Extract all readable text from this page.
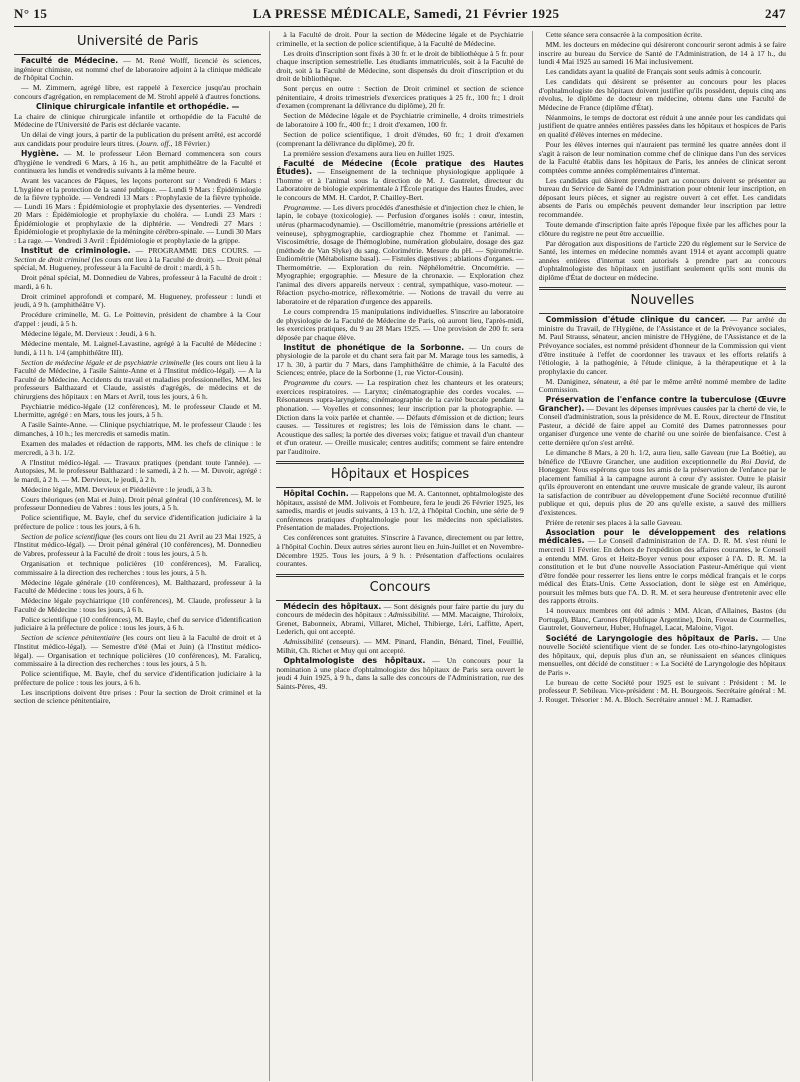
N° 15	LA PRESSE MÉDICALE, Samedi, 21 Février 1925	247
Université de Paris

Faculté de Médecine. — M. René Wolff, licencié ès sciences, ingénieur chimiste, est nommé chef de laboratoire adjoint à la clinique médicale de l'hôpital Cochin.

— M. Zimmern, agrégé libre, est rappelé à l'exercice jusqu'au prochain concours d'agrégation, en remplacement de M. Strohl appelé à d'autres fonctions.

Clinique chirurgicale infantile et orthopédie. —
La chaire de clinique chirurgicale infantile et orthopédie de la Faculté de Médecine de l'Université de Paris est déclarée vacante.

Un délai de vingt jours, à partir de la publication du présent arrêté, est accordé aux candidats pour produire leurs titres. (Journ. off., 18 Février.)

Hygiène. — M. le professeur Léon Bernard commencera son cours d'hygiène le vendredi 6 Mars, à 16 h., au petit amphithéâtre de la Faculté et continuera les lundis et vendredis suivants à la même heure.

Avant les vacances de Pâques, les leçons porteront sur : Vendredi 6 Mars : L'hygiène et la protection de la santé publique. — Lundi 9 Mars : Épidémiologie de la fièvre typhoïde. — Vendredi 13 Mars : Prophylaxie de la fièvre typhoïde. — Lundi 16 Mars : Épidémiologie et prophylaxie des dysenteries. — Vendredi 20 Mars : Épidémiologie et prophylaxie du choléra. — Lundi 23 Mars : Épidémiologie et prophylaxie de la diphtérie. — Vendredi 27 Mars : Épidémiologie et prophylaxie de la méningite cérébro-spinale. — Lundi 30 Mars : La rage. — Vendredi 3 Avril : Épidémiologie et prophylaxie de la grippe.

Institut de criminologie. — PROGRAMME DES COURS. — Section de droit criminel (les cours ont lieu à la Faculté de droit). — Droit pénal spécial, M. Hugueney, professeur à la Faculté de droit : mardi, à 5 h.

Droit pénal spécial, M. Donnedieu de Vabres, professeur à la Faculté de droit : mardi, à 6 h.

Droit criminel approfondi et comparé, M. Hugueney, professeur : lundi et jeudi, à 9 h. (amphithéâtre V).

Procédure criminelle, M. G. Le Poittevin, président de chambre à la Cour d'appel : jeudi, à 5 h.

Médecine légale, M. Dervieux : Jeudi, à 6 h.

Médecine mentale, M. Laignel-Lavastine, agrégé à la Faculté de Médecine : lundi, à 11 h. 1/4 (amphithéâtre III).

Section de médecine légale et de psychiatrie criminelle (les cours ont lieu à la Faculté de Médecine, à l'asile Sainte-Anne et à l'Institut médico-légal). — A la Faculté de Médecine. Accidents du travail et maladies professionnelles, MM. les professeurs Balthazard et Claude, assistés d'agrégés, de médecins et de chirurgiens des hôpitaux : en Mars et Avril, tous les jours, à 6 h.

Psychiatrie médico-légale (12 conférences), M. le professeur Claude et M. Lhermitte, agrégé : en Mars, tous les jours, à 5 h.

A l'asile Sainte-Anne. — Clinique psychiatrique, M. le professeur Claude : les dimanches, à 10 h.; les mercredis et samedis matin.

Examen des malades et rédaction de rapports, MM. les chefs de clinique : le mercredi, à 3 h. 1/2.

A l'Institut médico-légal. — Travaux pratiques (pendant toute l'année). — Autopsies, M. le professeur Balthazard : le samedi, à 2 h. — M. Duvoir, agrégé : le mardi, à 2 h. — M. Dervieux, le jeudi, à 2 h.

Médecine légale, MM. Dervieux et Piédelièvre : le jeudi, à 3 h.

Cours théoriques (en Mai et Juin). Droit pénal général (10 conférences), M. le professeur Donnedieu de Vabres : tous les jours, à 5 h.

Police scientifique, M. Bayle, chef du service d'identification judiciaire à la préfecture de police : tous les jours, à 6 h.

Section de police scientifique (les cours ont lieu du 21 Avril au 23 Mai 1925, à l'Institut médico-légal). — Droit pénal général (10 conférences), M. Donnedieu de Vabres, professeur à la Faculté de droit : tous les jours, à 5 h.

Organisation et technique policières (10 conférences), M. Faralicq, commissaire à la direction des recherches : tous les jours, à 5 h.

Médecine légale générale (10 conférences), M. Balthazard, professeur à la Faculté de Médecine : tous les jours, à 6 h.

Médecine légale psychiatrique (10 conférences), M. Claude, professeur à la Faculté de Médecine : tous les jours, à 6 h.

Police scientifique (10 conférences), M. Bayle, chef du service d'identification judiciaire à la préfecture de police : tous les jours, à 6 h.

Section de science pénitentiaire (les cours ont lieu à la Faculté de droit et à l'Institut médico-légal). — Semestre d'été (Mai et Juin) (à l'Institut médico-légal). — Organisation et technique policières (10 conférences), M. Faralicq, commissaire à la direction des recherches : tous les jours, à 5 h.

Police scientifique, M. Bayle, chef du service d'identification judiciaire à la préfecture de police : tous les jours, à 6 h.

Les inscriptions doivent être prises : Pour la section de Droit criminel et la section de science pénitentiaire,

à la Faculté de droit. Pour la section de Médecine légale et de Psychiatrie criminelle, et la section de police scientifique, à la Faculté de Médecine.

Les droits d'inscription sont fixés à 30 fr. et le droit de bibliothèque à 5 fr. pour chaque inscription semestrielle. Les étudiants immatriculés, soit à la Faculté de droit, soit à la Faculté de Médecine, sont dispensés du droit d'inscription et du droit de bibliothèque.

Sont perçus en outre : Section de Droit criminel et section de science pénitentiaire, 4 droits trimestriels d'exercices pratiques à 25 fr., 100 fr.; 1 droit d'examen (comprenant la délivrance du diplôme), 20 fr.

Section de Médecine légale et de Psychiatrie criminelle, 4 droits trimestriels de laboratoire à 100 fr., 400 fr.; 1 droit d'examen, 100 fr.

Section de police scientifique, 1 droit d'études, 60 fr.; 1 droit d'examen (comprenant la délivrance du diplôme), 20 fr.

La première session d'examens aura lieu en Juillet 1925.

Faculté de Médecine (École pratique des Hautes Études). — Enseignement de la technique physiologique appliquée à l'homme et à l'animal sous la direction de M. J. Gautrelet, directeur du Laboratoire de biologie expérimentale à l'École pratique des Hautes Études, avec le concours de MM. H. Cardot, P. Chailley-Bert.

Programme. — Les divers procédés d'anesthésie et d'injection chez le chien, le lapin, le cobaye (toxicologie). — Perfusion d'organes isolés : cœur, intestin, utérus (pharmacodynamie). — Oscillométrie, manométrie (pressions artérielle et veineuse), sphygmographie, cardiographie chez l'homme et l'animal. — Viscosimétrie, dosage de l'hémoglobine, numération globulaire, dosage des gaz (méthode de Van Slyke) du sang. Colorimétrie. Mesure du pH. — Spirométrie. Eudiométrie (Métabolisme basal). — Fistules digestives ; ablations d'organes. — Thermométrie. — Exploration du rein. Néphélométrie. Oncométrie. — Myographie; ergographie. — Mesure de la chronaxie. — Exploration chez l'animal des divers appareils nerveux : central, sympathique, vaso-moteur. — Réaction psycho-motrice, réflexométrie. — Notions de travail du verre au laboratoire et de réparation d'urgence des appareils.

Le cours comprendra 15 manipulations individuelles. S'inscrire au laboratoire de physiologie de la Faculté de Médecine de Paris, où auront lieu, l'après-midi, les exercices pratiques, du 9 au 28 Mars 1925. — Une provision de 200 fr. sera déposée par chaque élève.

Institut de phonétique de la Sorbonne. — Un cours de physiologie de la parole et du chant sera fait par M. Marage tous les samedis, à 17 h. 30, à partir du 7 Mars, dans l'amphithéâtre de chimie, à la Faculté des Sciences; entrée, place de la Sorbonne (1, rue Victor-Cousin).

Programme du cours. — La respiration chez les chanteurs et les orateurs; exercices respiratoires. — Larynx; cinématographie des cordes vocales. — Résonateurs supra-laryngiens; cinématographie de la cavité buccale pendant la phonation. — Voyelles et consonnes; leur inscription par la photographie. — Diction dans la voix parlée et chantée. — Défauts d'émission et de diction; leurs causes. — Tessitures et registres; les lois de l'émission dans le chant. — Acoustique des salles; la portée des diverses voix; fatigue et travail d'un chanteur et d'un orateur. — Oreille musicale; centres auditifs; comment se faire entendre par l'auditoire.

Hôpitaux et Hospices

Hôpital Cochin. — Rappelons que M. A. Cantonnet, ophtalmologiste des hôpitaux, assisté de MM. Jolivois et Fombeure, fera le jeudi 26 Février 1925, les samedis, mardis et jeudis suivants, à 13 h. 1/2, à l'hôpital Cochin, une série de 9 conférences pratiques d'ophtalmologie pour les médecins non spécialistes. Présentation de malades. Projections.

Ces conférences sont gratuites. S'inscrire à l'avance, directement ou par lettre, à l'hôpital Cochin. Deux autres séries auront lieu en Juin-Juillet et en Novembre-Décembre 1925. Tous les jours, à 9 h. : Présentation d'affections oculaires courantes.

Concours

Médecin des hôpitaux. — Sont désignés pour faire partie du jury du concours de médecin des hôpitaux : Admissibilité. — MM. Macaigne, Thiroloix, Grenet, Babonneix, Abrami, Villaret, Michel, Thibierge, Léri, Laffitte, Apert, Lederich, qui ont accepté.

Admissibilité (censeurs). — MM. Pinard, Flandin, Bénard, Tinel, Feuillié, Milhit, Ch. Richet et Muy qui ont accepté.

Ophtalmologiste des hôpitaux. — Un concours pour la nomination à une place d'ophtalmologiste des hôpitaux de Paris sera ouvert le jeudi 4 Juin 1925, à 9 h., dans la salle des concours de l'Administration, rue des Saints-Pères, 49.

Cette séance sera consacrée à la composition écrite.

MM. les docteurs en médecine qui désireront concourir seront admis à se faire inscrire au bureau du Service de Santé de l'Administration, de 14 à 17 h., du lundi 4 Mai 1925 au samedi 16 Mai inclusivement.

Les candidats ayant la qualité de Français sont seuls admis à concourir.

Les candidats qui désirent se présenter au concours pour les places d'ophtalmologiste des hôpitaux doivent justifier qu'ils possèdent, depuis cinq ans révolus, le diplôme de docteur en médecine, obtenu dans une Faculté de Médecine de France (diplôme d'État).

Néanmoins, le temps de doctorat est réduit à une année pour les candidats qui justifient de quatre années entières passées dans les hôpitaux et hospices de Paris en qualité d'élèves internes en médecine.

Pour les élèves internes qui n'auraient pas terminé les quatre années dont il s'agit à raison de leur nomination comme chef de clinique dans l'un des services de la Faculté établis dans les hôpitaux de Paris, les années de clinicat seront comptées comme années complémentaires d'internat.

Les candidats qui désirent prendre part au concours doivent se présenter au bureau du Service de Santé de l'Administration pour obtenir leur inscription, en déposant leurs pièces, et signer au registre ouvert à cet effet. Les candidats absents de Paris ou empêchés peuvent demander leur inscription par lettre recommandée.

Toute demande d'inscription faite après l'époque fixée par les affiches pour la clôture du registre ne peut être accueillie.

Par dérogation aux dispositions de l'article 220 du règlement sur le Service de Santé, les internes en médecine nommés avant 1914 et ayant accompli quatre années entières d'internat sont autorisés à prendre part au concours d'ophtalmologiste des hôpitaux en justifiant seulement qu'ils sont munis du diplôme d'État de docteur en médecine.

Nouvelles

Commission d'étude clinique du cancer. — Par arrêté du ministre du Travail, de l'Hygiène, de l'Assistance et de la Prévoyance sociales, M. Paul Strauss, sénateur, ancien ministre de l'Hygiène, de l'Assistance et de la Prévoyance sociales, est nommé président d'honneur de la Commission qui vient d'être instituée à l'effet de coordonner les travaux et les efforts relatifs à l'étiologie, à la pathogénie, à l'étude clinique, à la thérapeutique et à la prophylaxie du cancer.

M. Daniginez, sénateur, a été par le même arrêté nommé membre de ladite Commission.

Préservation de l'enfance contre la tuberculose (Œuvre Grancher). — Devant les dépenses imprévues causées par la cherté de vie, le Conseil d'administration, sous la présidence de M. E. Roux, directeur de l'Institut Pasteur, a décidé de faire appel au Comité des Dames patronnesses pour organiser d'urgence une vente de charité ou une soirée de bienfaisance. C'est à cette dernière qu'on s'est arrêté.

Le dimanche 8 Mars, à 20 h. 1/2, aura lieu, salle Gaveau (rue La Boétie), au bénéfice de l'Œuvre Grancher, une audition exceptionnelle du Roi David, de Honegger. Nous espérons que tous les amis de la préservation de l'enfance par le placement familial à la campagne auront à cœur d'y assister. Outre le plaisir qu'ils éprouveront en entendant une œuvre musicale de grande valeur, ils auront la satisfaction de contribuer au développement d'une Société reconnue d'utilité publique et qui, depuis plus de 20 ans qu'elle existe, a sauvé des milliers d'existences.

Prière de retenir ses places à la salle Gaveau.

Association pour le développement des relations médicales. — Le Conseil d'administration de l'A. D. R. M. s'est réuni le mercredi 11 Février. En dehors de l'expédition des affaires courantes, le Conseil a entendu MM. Gros et Heitz-Boyer venus pour exposer à l'A. D. R. M. la constitution et le but d'une nouvelle Association Pasteur-Amérique qui vient d'être fondée pour resserrer les liens entre le corps médical français et le corps médical des États-Unis. Cette Association, dont le siège est en Amérique, poursuit les mêmes buts que l'A. D. R. M. et sera heureuse d'entretenir avec elle des rapports étroits.

14 nouveaux membres ont été admis : MM. Alcan, d'Allaines, Bastos (du Portugal), Blanc, Carones (République Argentine), Doin, Foveau de Courmelles, Gautrelet, Gouverneur, Huber, Hufnagel, Lacat, Maloine, Vigot.

Société de Laryngologie des hôpitaux de Paris. — Une nouvelle Société scientifique vient de se fonder. Les oto-rhino-laryngologistes des hôpitaux, qui, depuis plus d'un an, se réunissaient en séances cliniques mensuelles, ont décidé de constituer : « La Société de Laryngologie des hôpitaux de Paris ».

Le bureau de cette Société pour 1925 est le suivant : Président : M. le professeur P. Sebileau. Vice-président : M. H. Bourgeois. Secrétaire général : M. J. Rouget. Trésorier : M. A. Bloch. Secrétaire annuel : M. J. Ramadier.
